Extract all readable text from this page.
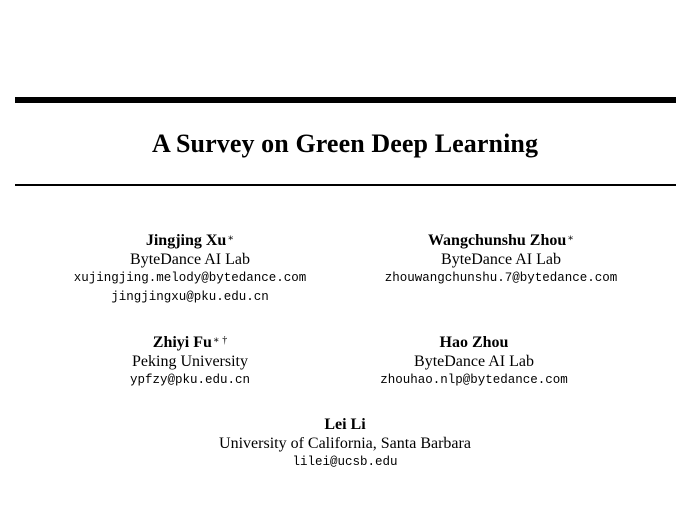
A Survey on Green Deep Learning
Jingjing Xu∗
ByteDance AI Lab
xujingjing.melody@bytedance.com
jingjingxu@pku.edu.cn
Wangchunshu Zhou∗
ByteDance AI Lab
zhouwangchunshu.7@bytedance.com
Zhiyi Fu∗ †
Peking University
ypfzy@pku.edu.cn
Hao Zhou
ByteDance AI Lab
zhouhao.nlp@bytedance.com
Lei Li
University of California, Santa Barbara
lilei@ucsb.edu
